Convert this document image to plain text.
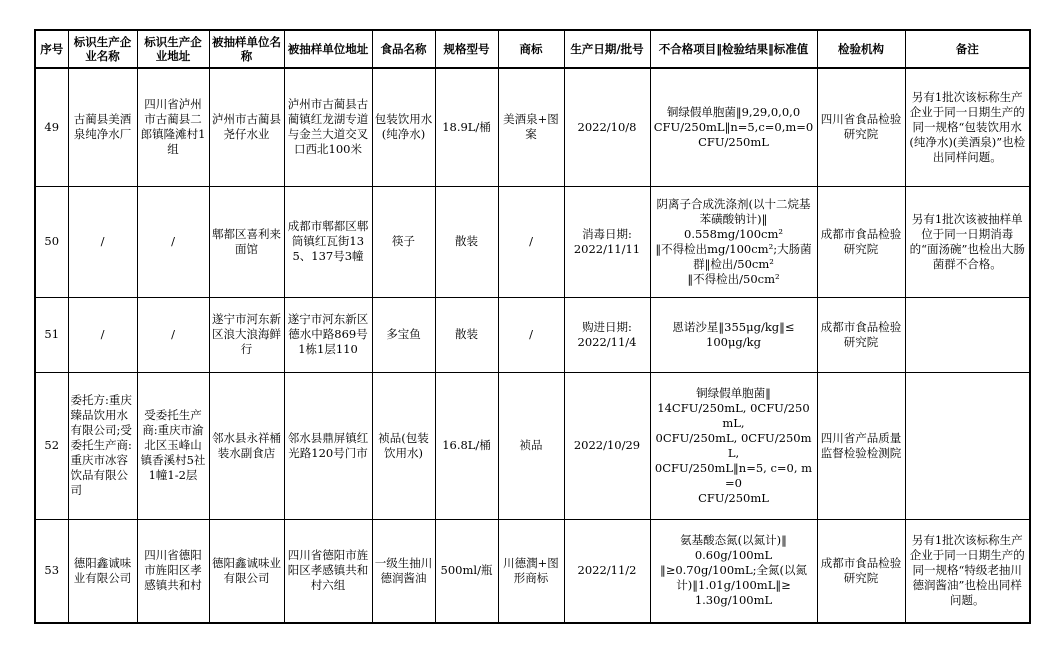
序号	标识生产企业名称	标识生产企业地址	被抽样单位名称	被抽样单位地址	食品名称	规格型号	商标	生产日期/批号	不合格项目‖检验结果‖标准值	检验机构	备注
49	古蔺县美酒泉纯净水厂	四川省泸州市古蔺县二郎镇隆滩村1组	泸州市古蔺县尧仔水业	泸州市古蔺县古蔺镇红龙湖专道与金兰大道交叉口西北100米	包装饮用水(纯净水)	18.9L/桶	美酒泉+图案	2022/10/8	铜绿假单胞菌‖9,29,0,0,0
CFU/250mL‖n=5,c=0,m=0
CFU/250mL	四川省食品检验研究院	另有1批次该标称生产企业于同一日期生产的同一规格“包装饮用水(纯净水)(美酒泉)”也检出同样问题。
50	/	/	郫都区喜利来面馆	成都市郫都区郫筒镇红瓦街135、137号3幢	筷子	散装	/	消毒日期:
2022/11/11	阴离子合成洗涤剂(以十二烷基苯磺酸钠计)‖
0.558mg/100cm²
‖不得检出mg/100cm²;大肠菌群‖检出/50cm²
‖不得检出/50cm²	成都市食品检验研究院	另有1批次该被抽样单位于同一日期消毒的“面汤碗”也检出大肠菌群不合格。
51	/	/	遂宁市河东新区浪大浪海鲜行	遂宁市河东新区德水中路869号1栋1层110	多宝鱼	散装	/	购进日期:
2022/11/4	恩诺沙星‖355μg/kg‖≤
100μg/kg	成都市食品检验研究院	
52	委托方:重庆臻品饮用水有限公司;受委托生产商:重庆市冰容饮品有限公司	受委托生产商:重庆市渝北区玉峰山镇香溪村5社1幢1-2层	邻水县永祥桶装水副食店	邻水县鼎屏镇红光路120号门市	祯品(包装饮用水)	16.8L/桶	祯品	2022/10/29	铜绿假单胞菌‖
14CFU/250mL, 0CFU/250mL,
0CFU/250mL, 0CFU/250mL,
0CFU/250mL‖n=5, c=0, m=0
CFU/250mL	四川省产品质量监督检验检测院	
53	德阳鑫诚味业有限公司	四川省德阳市旌阳区孝感镇共和村	德阳鑫诚味业有限公司	四川省德阳市旌阳区孝感镇共和村六组	一级生抽川德润酱油	500ml/瓶	川德潤+图形商标	2022/11/2	氨基酸态氮(以氮计)‖
0.60g/100mL
‖≥0.70g/100mL;全氮(以氮计)‖1.01g/100mL‖≥
1.30g/100mL	成都市食品检验研究院	另有1批次该标称生产企业于同一日期生产的同一规格“特级老抽川德润酱油”也检出同样问题。
